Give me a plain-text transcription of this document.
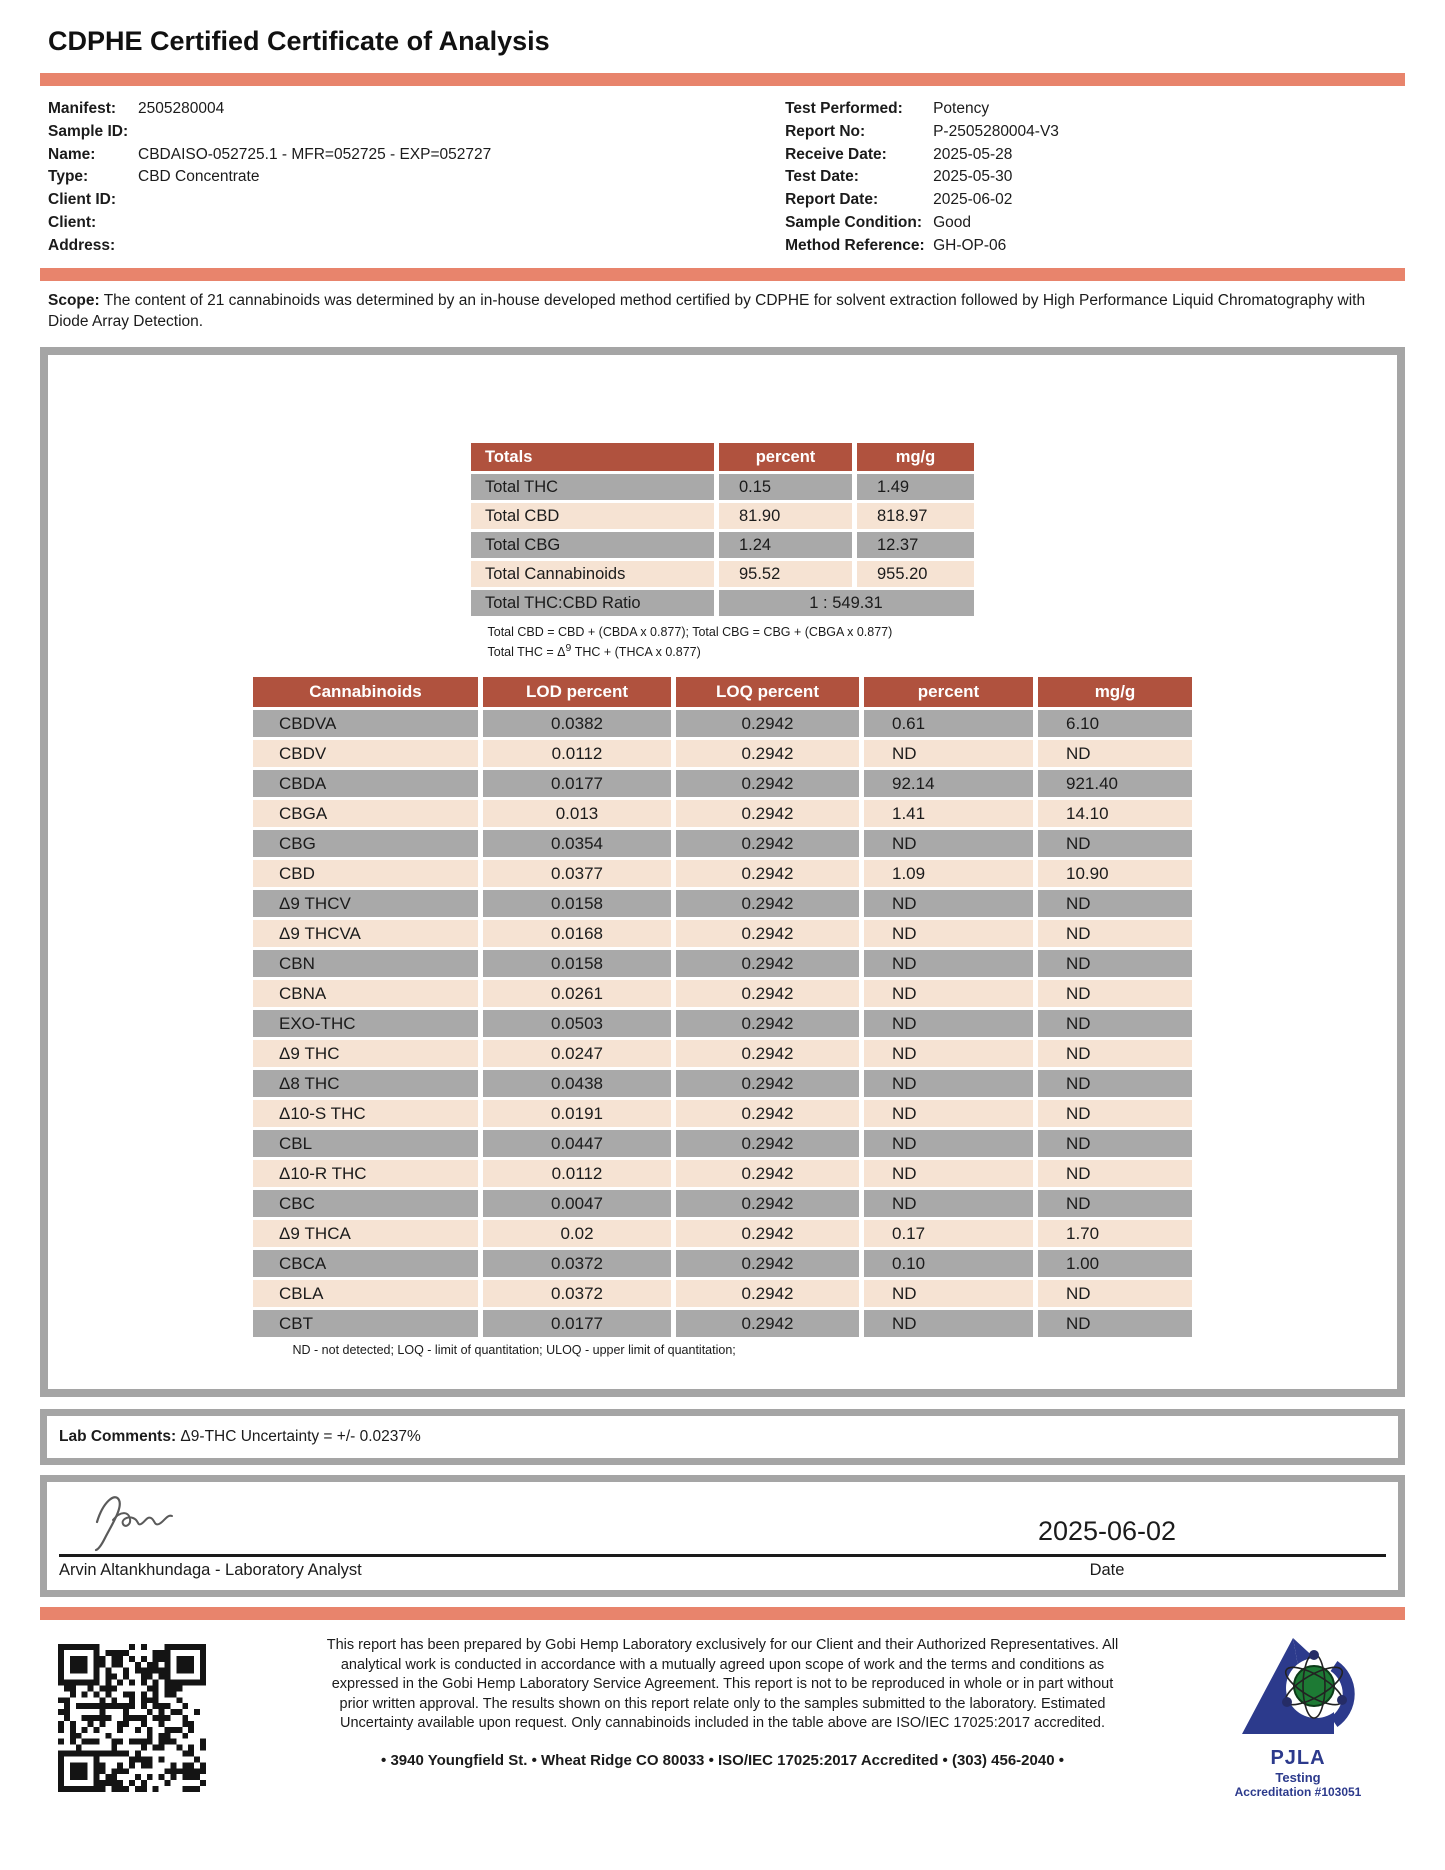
CDPHE Certified Certificate of Analysis
Manifest:	2505280004
Sample ID:
Name:	CBDAISO-052725.1 - MFR=052725 - EXP=052727
Type:	CBD Concentrate
Client ID:
Client:
Address:
Test Performed:	Potency
Report No:	P-2505280004-V3
Receive Date:	2025-05-28
Test Date:	2025-05-30
Report Date:	2025-06-02
Sample Condition: Good
Method Reference: GH-OP-06

Scope: The content of 21 cannabinoids was determined by an in-house developed method certified by CDPHE for solvent extraction followed by High Performance Liquid Chromatography with Diode Array Detection.

Totals	percent	mg/g
Total THC	0.15	1.49
Total CBD	81.90	818.97
Total CBG	1.24	12.37
Total Cannabinoids	95.52	955.20
Total THC:CBD Ratio	1 : 549.31	
Total CBD = CBD + (CBDA x 0.877); Total CBG = CBG + (CBGA x 0.877)
Total THC = $\Delta^9$ THC + (THCA x 0.877)
Cannabinoids	LOD percent	LOQ percent	percent	mg/g
CBDVA	0.0382	0.2942	0.61	6.10
CBDV	0.0112	0.2942	ND	ND
CBDA	0.0177	0.2942	92.14	921.40
CBGA	0.013	0.2942	1.41	14.10
CBG	0.0354	0.2942	ND	ND
CBD	0.0377	0.2942	1.09	10.90
Δ9 THCV	0.0158	0.2942	ND	ND
Δ9 THCVA	0.0168	0.2942	ND	ND
CBN	0.0158	0.2942	ND	ND
CBNA	0.0261	0.2942	ND	ND
EXO-THC	0.0503	0.2942	ND	ND
Δ9 THC	0.0247	0.2942	ND	ND
Δ8 THC	0.0438	0.2942	ND	ND
Δ10-S THC	0.0191	0.2942	ND	ND
CBL	0.0447	0.2942	ND	ND
Δ10-R THC	0.0112	0.2942	ND	ND
CBC	0.0047	0.2942	ND	ND
Δ9 THCA	0.02	0.2942	0.17	1.70
CBCA	0.0372	0.2942	0.10	1.00
CBLA	0.0372	0.2942	ND	ND
CBT	0.0177	0.2942	ND	ND
ND - not detected; LOQ - limit of quantitation; ULOQ - upper limit of quantitation;
Lab Comments: Δ9-THC Uncertainty = +/- 0.0237%
2025-06-02
Arvin Altankhundaga - Laboratory Analyst	Date

This report has been prepared by Gobi Hemp Laboratory exclusively for our Client and their Authorized Representatives. All analytical work is conducted in accordance with a mutually agreed upon scope of work and the terms and conditions as expressed in the Gobi Hemp Laboratory Service Agreement. This report is not to be reproduced in whole or in part without prior written approval. The results shown on this report relate only to the samples submitted to the laboratory. Estimated Uncertainty available upon request. Only cannabinoids included in the table above are ISO/IEC 17025:2017 accredited.

• 3940 Youngfield St. • Wheat Ridge CO 80033 • ISO/IEC 17025:2017 Accredited • (303) 456-2040 •	PJLA
Testing
Accreditation #103051
